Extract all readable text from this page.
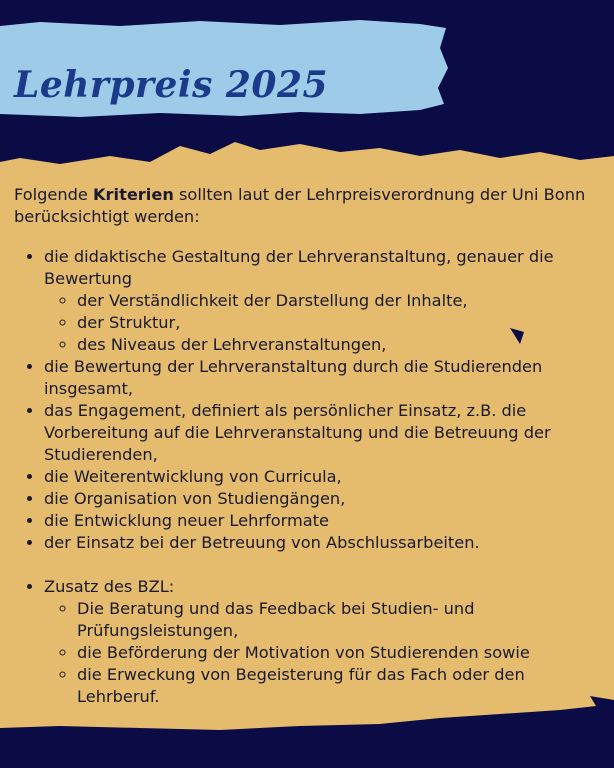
Lehrpreis 2025

Folgende Kriterien sollten laut der Lehrpreisverordnung der Uni Bonn berücksichtigt werden:

• die didaktische Gestaltung der Lehrveranstaltung, genauer die Bewertung
◦ der Verständlichkeit der Darstellung der Inhalte,
◦ der Struktur,
◦ des Niveaus der Lehrveranstaltungen,
• die Bewertung der Lehrveranstaltung durch die Studierenden insgesamt,
• das Engagement, definiert als persönlicher Einsatz, z.B. die Vorbereitung auf die Lehrveranstaltung und die Betreuung der Studierenden,
• die Weiterentwicklung von Curricula,
• die Organisation von Studiengängen,
• die Entwicklung neuer Lehrformate
• der Einsatz bei der Betreuung von Abschlussarbeiten.
• Zusatz des BZL:
◦ Die Beratung und das Feedback bei Studien- und Prüfungsleistungen,
◦ die Beförderung der Motivation von Studierenden sowie
◦ die Erweckung von Begeisterung für das Fach oder den Lehrberuf.
